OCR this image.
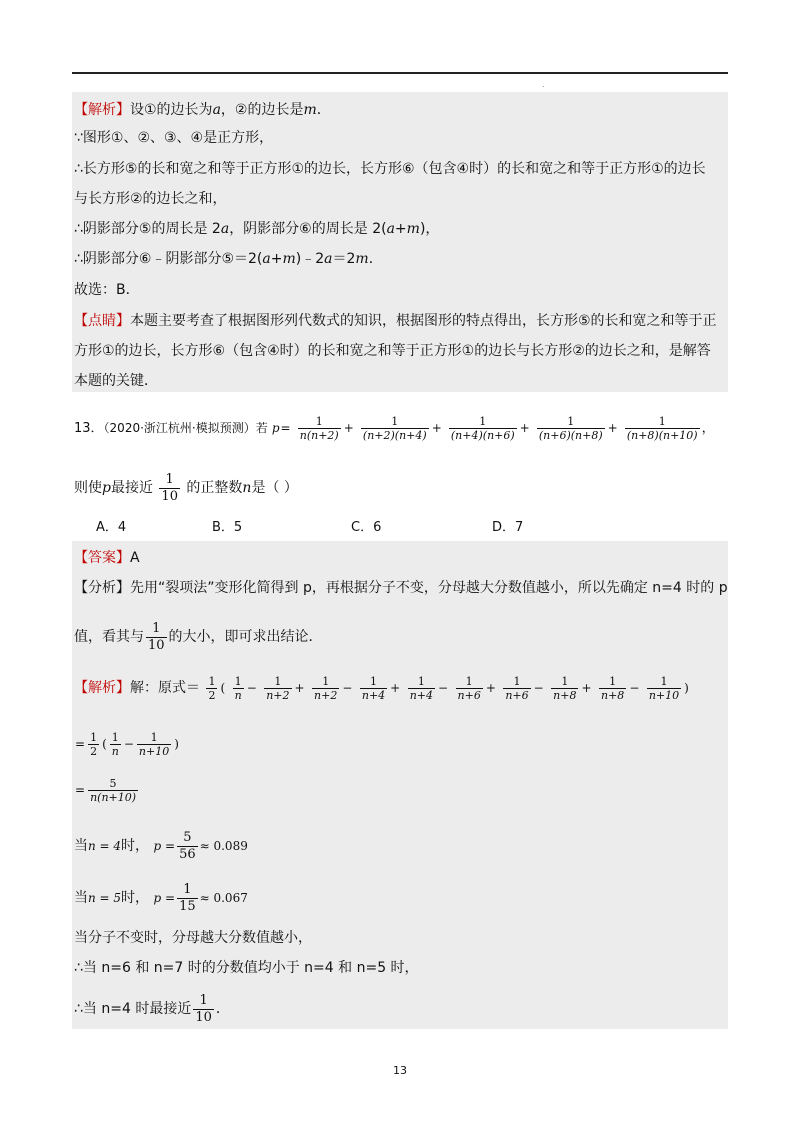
.
【解析】设①的边长为a，②的边长是m．
∵图形①、②、③、④是正方形，
∴长方形⑤的长和宽之和等于正方形①的边长，长方形⑥（包含④时）的长和宽之和等于正方形①的边长
与长方形②的边长之和，
∴阴影部分⑤的周长是 2a，阴影部分⑥的周长是 2(a+m)，
∴阴影部分⑥﹣阴影部分⑤＝2(a+m)﹣2a＝2m．
故选：B．
【点睛】本题主要考查了根据图形列代数式的知识，根据图形的特点得出，长方形⑤的长和宽之和等于正
方形①的边长，长方形⑥（包含④时）的长和宽之和等于正方形①的边长与长方形②的边长之和，是解答
本题的关键．
13．（2020·浙江杭州·模拟预测）若 $p= \frac{1}{n(n+2)} + \frac{1}{(n+2)(n+4)} + \frac{1}{(n+4)(n+6)} + \frac{1}{(n+6)(n+8)} + \frac{1}{(n+8)(n+10)}$ ，
则使p最接近 $\frac{1}{10}$ 的正整数n是（ ）
A．4	B．5	C．6	D．7
【答案】A
【分析】先用“裂项法”变形化简得到 p，再根据分子不变，分母越大分数值越小，所以先确定 n=4 时的 p
值，看其与 $\frac{1}{10}$ 的大小，即可求出结论．
【解析】解：原式＝ $\frac{1}{2}$ ( $\frac{1}{n} - \frac{1}{n+2} + \frac{1}{n+2} - \frac{1}{n+4} + \frac{1}{n+4} - \frac{1}{n+6} + \frac{1}{n+6} - \frac{1}{n+8} + \frac{1}{n+8} - \frac{1}{n+10}$ )
= $\frac{1}{2}$ ( $\frac{1}{n} - \frac{1}{n+10}$ )
= $\frac{5}{n(n+10)}$
当n = 4时， $p = \frac{5}{56} \approx 0.089$
当n = 5时， $p = \frac{1}{15} \approx 0.067$
当分子不变时，分母越大分数值越小，
∴当 n=6 和 n=7 时的分数值均小于 n=4 和 n=5 时，
∴当 n=4 时最接近 $\frac{1}{10}$ ．
13
